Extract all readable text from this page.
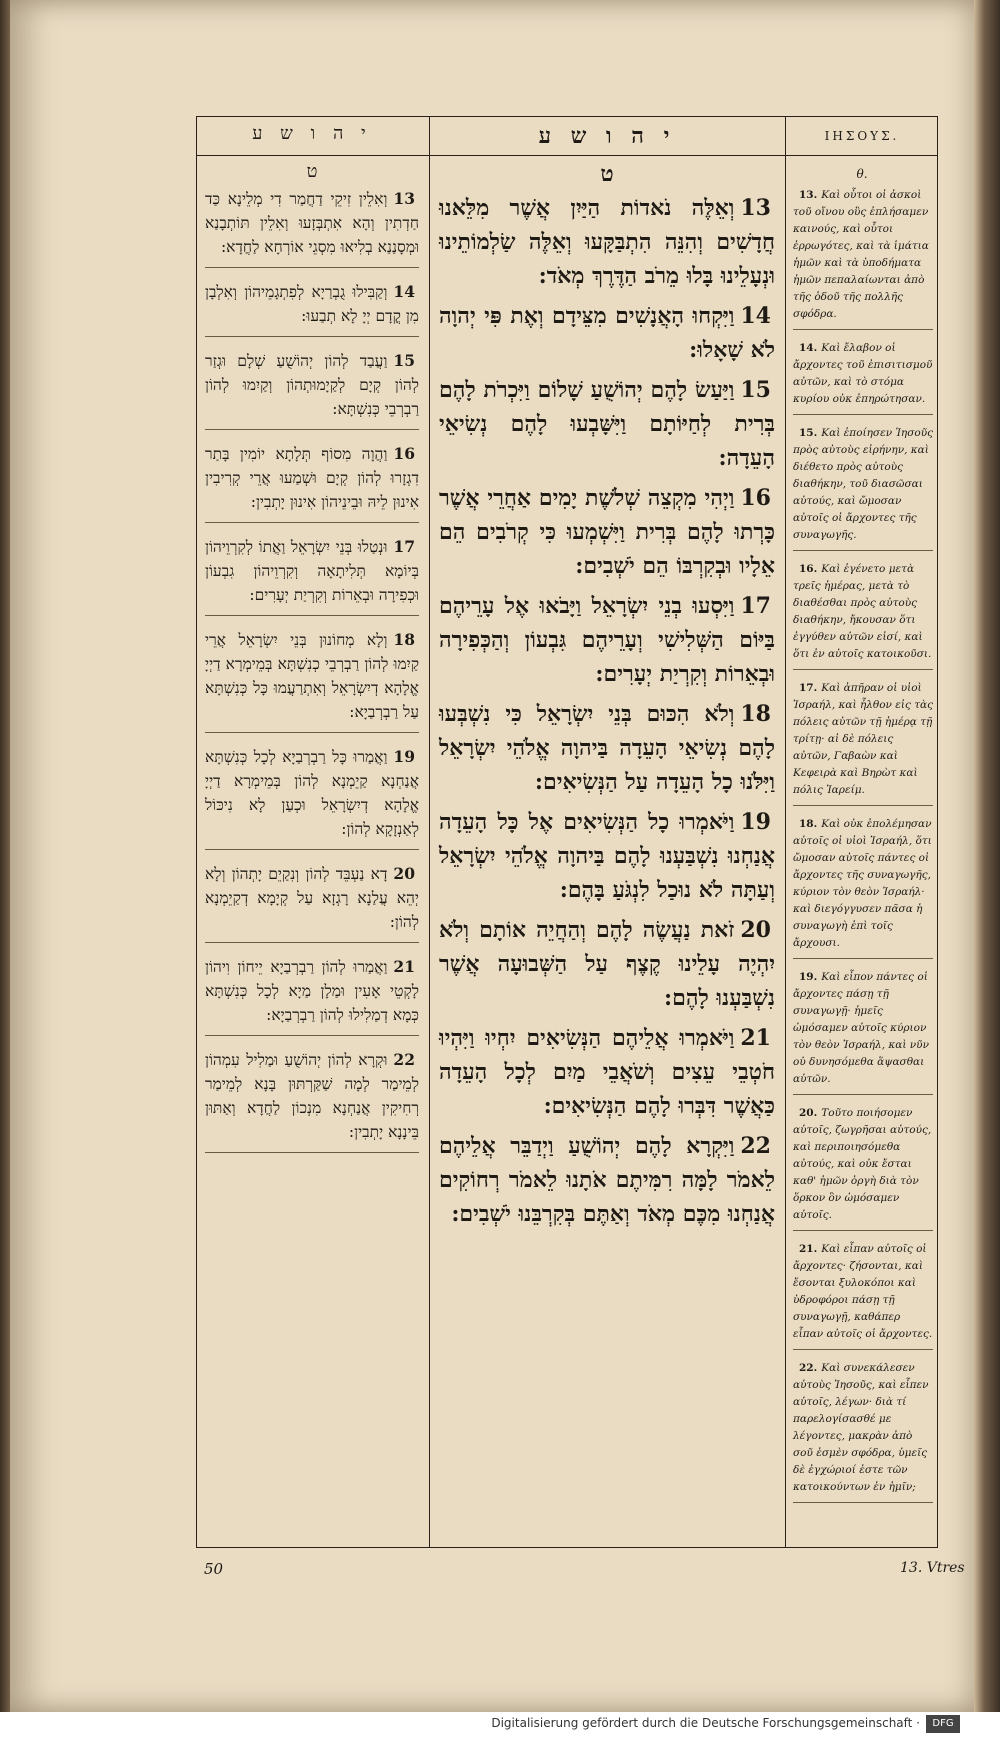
י ה ו ש ע
ט

13וְאִלֵין זִיקֵי דַחֲמַר דִי מְלֵינָא כַּד חַדְתִין וְהָא אִתְבְּזָעוּ וְאִלֵין תּוֹתְבָנַא וּמְסָנַנַא בְלִיאוּ מִסְגֵי אוֹרְחָא לַחֲדָא:

14וְקַבִּילוּ גֻבְרַיָא לְפִתְגָמֵיהוֹן וְאִלְבָן מִן קֳדָם יְיָ לָא תְבַעוּ:

15וַעֲבַד לְהוֹן יְהוֹשֻׁעַ שְׁלָם וּגְזַר לְהוֹן קְיָם לְקַיָמוּתְהוֹן וְקַיִמוּ לְהוֹן רַבְרְבֵי כְּנִשְׁתָּא:

16וַהֲוָה מִסוֹף תְּלָתָא יוֹמִין בָּתַר דִגְזָרוּ לְהוֹן קְיָם וּשְׁמַעוּ אֲרֵי קְרִיבִין אִינוּן לֵיהּ וּבֵינֵיהוֹן אִינוּן יָתְבִין:

17וּנְטַלוּ בְּנֵי יִשְׂרָאֵל וַאֲתוֹ לְקִרְוֵיהוֹן בְּיוֹמָא תְּלִיתָאָה וְקִרְוֵיהוֹן גִבְעוֹן וּכְפִירָה וּבְאֵרוֹת וְקִרְיַת יְעָרִים:

18וְלָא מְחוֹנוּן בְּנֵי יִשְׂרָאֵל אֲרֵי קַיִמוּ לְהוֹן רַבְרְבֵי כְנִשְׁתָּא בְּמֵימְרָא דַיְיָ אֱלָהָא דְיִשְׂרָאֵל וְאִתְרַעֲמוּ כָּל כְּנִשְׁתָּא עַל רַבְרְבַיָא:

19וַאֲמַרוּ כָּל רַבְרְבַיָא לְכָל כְּנִשְׁתָּא אֲנַחְנָא קַיֵמְנָא לְהוֹן בְּמֵימְרָא דַיְיָ אֱלָהָא דְיִשְׂרָאֵל וּכְעַן לָא נִיכּוֹל לְאַנְזָקָא לְהוֹן:

20דָא נַעְבֵּד לְהוֹן וְנִקַיֵם יָתְהוֹן וְלָא יְהֵא עֲלַנָא רָגְזָא עַל קְיָמָא דְקַיֵמְנָא לְהוֹן:

21וַאֲמַרוּ לְהוֹן רַבְרְבַיָא יֵיחוֹן וִיהוֹן לָקְטֵי אָעִין וּמַלָן מַיָא לְכָל כְּנִשְׁתָּא כְּמָא דְמַלִילוּ לְהוֹן רַבְרְבַיָא:

22וּקְרָא לְהוֹן יְהוֹשֻׁעַ וּמַלִיל עִמְהוֹן לְמֵימַר לְמָה שַׁקַּרְתּוּן בָּנָא לְמֵימַר רְחִיקִין אֲנַחְנָא מִנְכוֹן לַחֲדָא וְאַתּוּן בֵּינָנָא יָתְבִין:

י ה ו ש ע
ט

13וְאֵלֶּה נֹאדוֹת הַיַּיִן אֲשֶׁר מִלֵּאנוּ חֲדָשִׁים וְהִנֵּה הִתְבַּקָּעוּ וְאֵלֶּה שַׂלְמוֹתֵינוּ וּנְעָלֵינוּ בָּלוּ מֵרֹב הַדֶּרֶךְ מְאֹד:

14וַיִּקְחוּ הָאֲנָשִׁים מִצֵּידָם וְאֶת פִּי יְהוָה לֹא שָׁאָלוּ:

15וַיַּעַשׂ לָהֶם יְהוֹשֻׁעַ שָׁלוֹם וַיִּכְרֹת לָהֶם בְּרִית לְחַיּוֹתָם וַיִּשָּׁבְעוּ לָהֶם נְשִׂיאֵי הָעֵדָה:

16וַיְהִי מִקְצֵה שְׁלֹשֶׁת יָמִים אַחֲרֵי אֲשֶׁר כָּרְתוּ לָהֶם בְּרִית וַיִּשְׁמְעוּ כִּי קְרֹבִים הֵם אֵלָיו וּבְקִרְבּוֹ הֵם יֹשְׁבִים:

17וַיִּסְעוּ בְנֵי יִשְׂרָאֵל וַיָּבֹאוּ אֶל עָרֵיהֶם בַּיּוֹם הַשְּׁלִישִׁי וְעָרֵיהֶם גִּבְעוֹן וְהַכְּפִירָה וּבְאֵרוֹת וְקִרְיַת יְעָרִים:

18וְלֹא הִכּוּם בְּנֵי יִשְׂרָאֵל כִּי נִשְׁבְּעוּ לָהֶם נְשִׂיאֵי הָעֵדָה בַּיהוָה אֱלֹהֵי יִשְׂרָאֵל וַיִּלֹּנוּ כָל הָעֵדָה עַל הַנְּשִׂיאִים:

19וַיֹּאמְרוּ כָל הַנְּשִׂיאִים אֶל כָּל הָעֵדָה אֲנַחְנוּ נִשְׁבַּעְנוּ לָהֶם בַּיהוָה אֱלֹהֵי יִשְׂרָאֵל וְעַתָּה לֹא נוּכַל לִנְגֹּעַ בָּהֶם:

20זֹאת נַעֲשֶׂה לָהֶם וְהַחֲיֵה אוֹתָם וְלֹא יִהְיֶה עָלֵינוּ קֶצֶף עַל הַשְּׁבוּעָה אֲשֶׁר נִשְׁבַּעְנוּ לָהֶם:

21וַיֹּאמְרוּ אֲלֵיהֶם הַנְּשִׂיאִים יִחְיוּ וַיִּהְיוּ חֹטְבֵי עֵצִים וְשֹׁאֲבֵי מַיִם לְכָל הָעֵדָה כַּאֲשֶׁר דִּבְּרוּ לָהֶם הַנְּשִׂיאִים:

22וַיִּקְרָא לָהֶם יְהוֹשֻׁעַ וַיְדַבֵּר אֲלֵיהֶם לֵאמֹר לָמָּה רִמִּיתֶם אֹתָנוּ לֵאמֹר רְחוֹקִים אֲנַחְנוּ מִכֶּם מְאֹד וְאַתֶּם בְּקִרְבֵּנוּ יֹשְׁבִים:

ΙΗΣΟΥΣ.
θ.

13. Καὶ οὗτοι οἱ ἀσκοὶ τοῦ οἴνου οὓς ἐπλήσαμεν καινούς, καὶ οὗτοι ἐρρωγότες, καὶ τὰ ἱμάτια ἡμῶν καὶ τὰ ὑποδήματα ἡμῶν πεπαλαίωνται ἀπὸ τῆς ὁδοῦ τῆς πολλῆς σφόδρα.

14. Καὶ ἔλαβον οἱ ἄρχοντες τοῦ ἐπισιτισμοῦ αὐτῶν, καὶ τὸ στόμα κυρίου οὐκ ἐπηρώτησαν.

15. Καὶ ἐποίησεν Ἰησοῦς πρὸς αὐτοὺς εἰρήνην, καὶ διέθετο πρὸς αὐτοὺς διαθήκην, τοῦ διασῶσαι αὐτούς, καὶ ὤμοσαν αὐτοῖς οἱ ἄρχοντες τῆς συναγωγῆς.

16. Καὶ ἐγένετο μετὰ τρεῖς ἡμέρας, μετὰ τὸ διαθέσθαι πρὸς αὐτοὺς διαθήκην, ἤκουσαν ὅτι ἐγγύθεν αὐτῶν εἰσί, καὶ ὅτι ἐν αὐτοῖς κατοικοῦσι.

17. Καὶ ἀπῆραν οἱ υἱοὶ Ἰσραήλ, καὶ ἦλθον εἰς τὰς πόλεις αὐτῶν τῇ ἡμέρᾳ τῇ τρίτῃ· αἱ δὲ πόλεις αὐτῶν, Γαβαὼν καὶ Κεφειρὰ καὶ Βηρὼτ καὶ πόλις Ἰαρείμ.

18. Καὶ οὐκ ἐπολέμησαν αὐτοῖς οἱ υἱοὶ Ἰσραήλ, ὅτι ὤμοσαν αὐτοῖς πάντες οἱ ἄρχοντες τῆς συναγωγῆς, κύριον τὸν θεὸν Ἰσραήλ· καὶ διεγόγγυσεν πᾶσα ἡ συναγωγὴ ἐπὶ τοῖς ἄρχουσι.

19. Καὶ εἶπον πάντες οἱ ἄρχοντες πάσῃ τῇ συναγωγῇ· ἡμεῖς ὠμόσαμεν αὐτοῖς κύριον τὸν θεὸν Ἰσραήλ, καὶ νῦν οὐ δυνησόμεθα ἅψασθαι αὐτῶν.

20. Τοῦτο ποιήσομεν αὐτοῖς, ζωγρῆσαι αὐτούς, καὶ περιποιησόμεθα αὐτούς, καὶ οὐκ ἔσται καθ' ἡμῶν ὀργὴ διὰ τὸν ὅρκον ὃν ὠμόσαμεν αὐτοῖς.

21. Καὶ εἶπαν αὐτοῖς οἱ ἄρχοντες· ζήσονται, καὶ ἔσονται ξυλοκόποι καὶ ὑδροφόροι πάσῃ τῇ συναγωγῇ, καθάπερ εἶπαν αὐτοῖς οἱ ἄρχοντες.

22. Καὶ συνεκάλεσεν αὐτοὺς Ἰησοῦς, καὶ εἶπεν αὐτοῖς, λέγων· διὰ τί παρελογίσασθέ με λέγοντες, μακρὰν ἀπὸ σοῦ ἐσμὲν σφόδρα, ὑμεῖς δὲ ἐγχώριοί ἐστε τῶν κατοικούντων ἐν ἡμῖν;

50	13. Vtres
Digitalisierung gefördert durch die Deutsche Forschungsgemeinschaft ·	DFG
